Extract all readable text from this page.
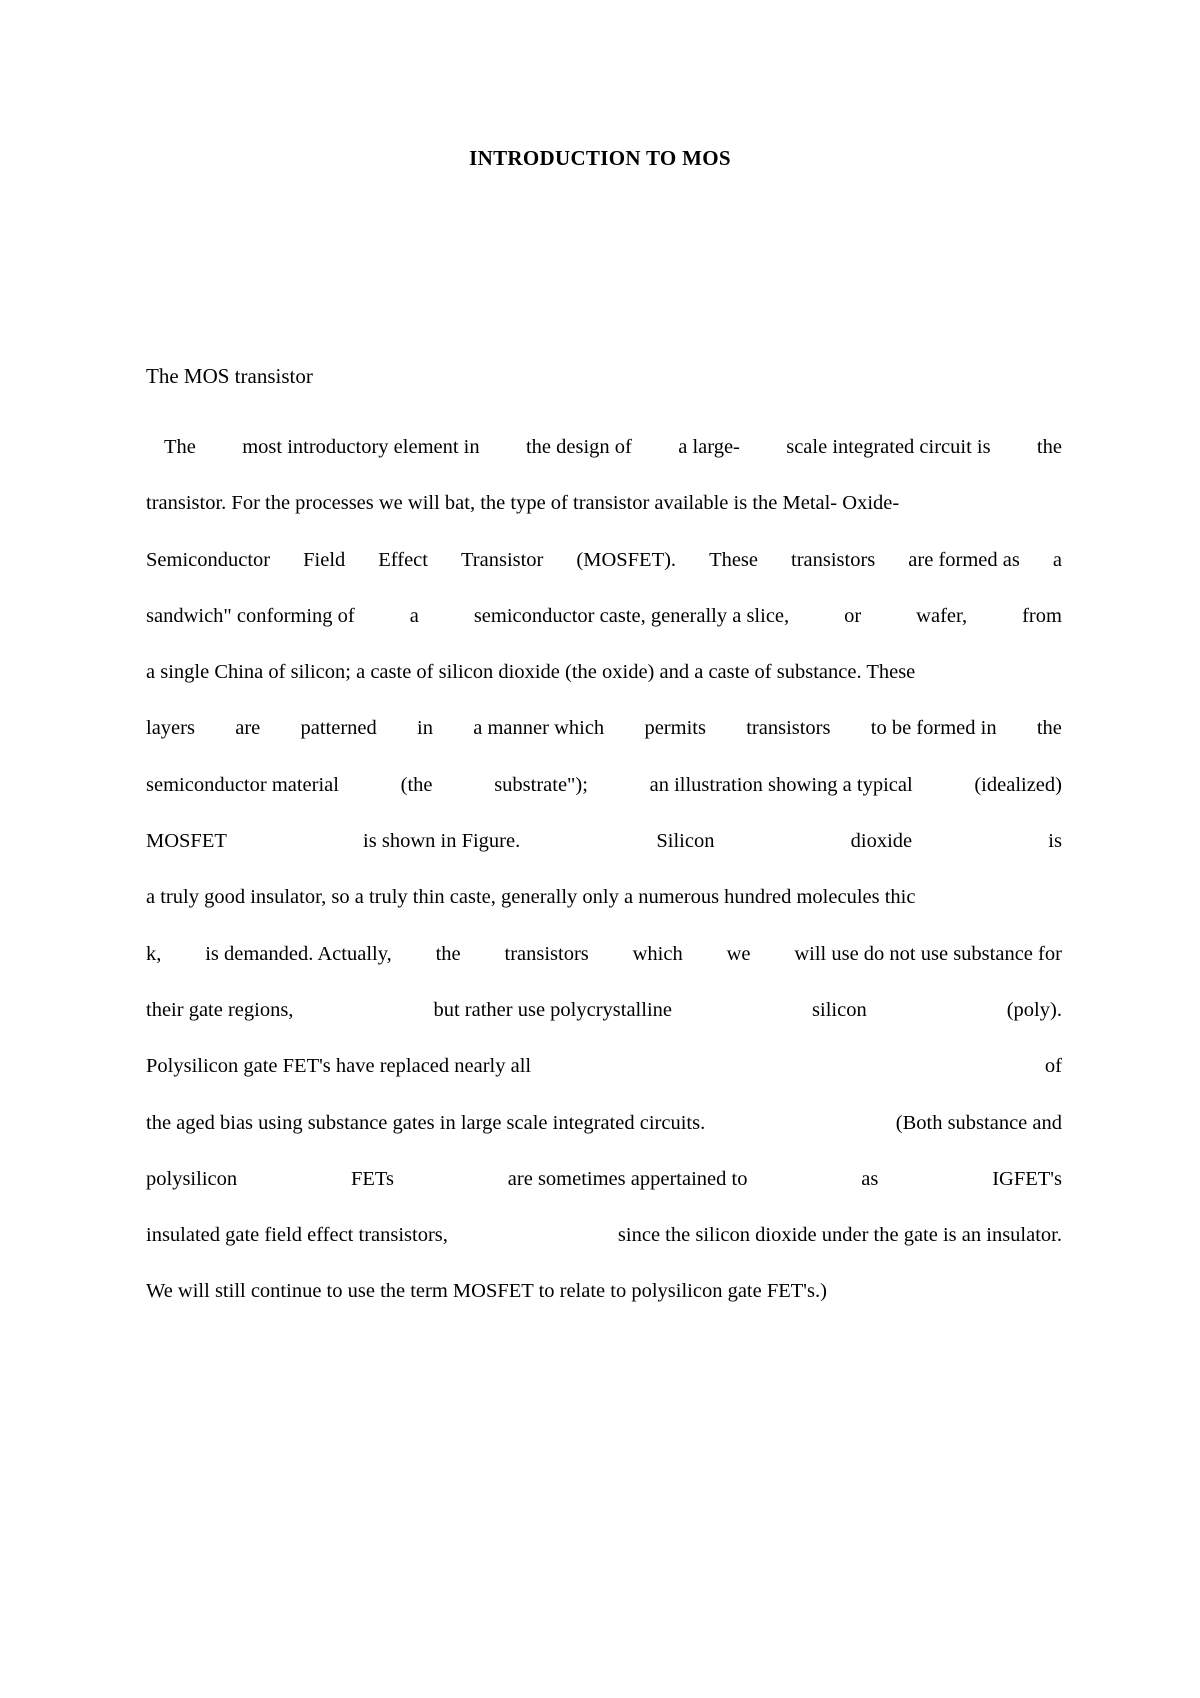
INTRODUCTION TO MOS
The MOS transistor
The most introductory element in the design of a large- scale integrated circuit is the
transistor. For the processes we will bat, the type of transistor available is the Metal- Oxide-
Semiconductor Field Effect Transistor (MOSFET). These transistors are formed as a
sandwich" conforming of	a	semiconductor caste, generally a slice,	or	wafer,	from
a single China of silicon; a caste of silicon dioxide (the oxide) and a caste of substance. These
layers are patterned in a manner which permits transistors to be formed in the
semiconductor material	(the	substrate");	an illustration showing a typical	(idealized)
MOSFET	is shown in Figure.	Silicon	dioxide	is
a truly good insulator, so a truly thin caste, generally only a numerous hundred molecules thic
k, is demanded. Actually, the transistors which we will use do not use substance for
their gate regions,	but rather use polycrystalline	silicon	(poly).
Polysilicon gate FET's have replaced nearly all	of
the aged bias using substance gates in large scale integrated circuits.	(Both substance and
polysilicon	FETs	are sometimes appertained to	as	IGFET's
insulated gate field effect transistors,	since the silicon dioxide under the gate is an insulator.
We will still continue to use the term MOSFET to relate to polysilicon gate FET's.)
